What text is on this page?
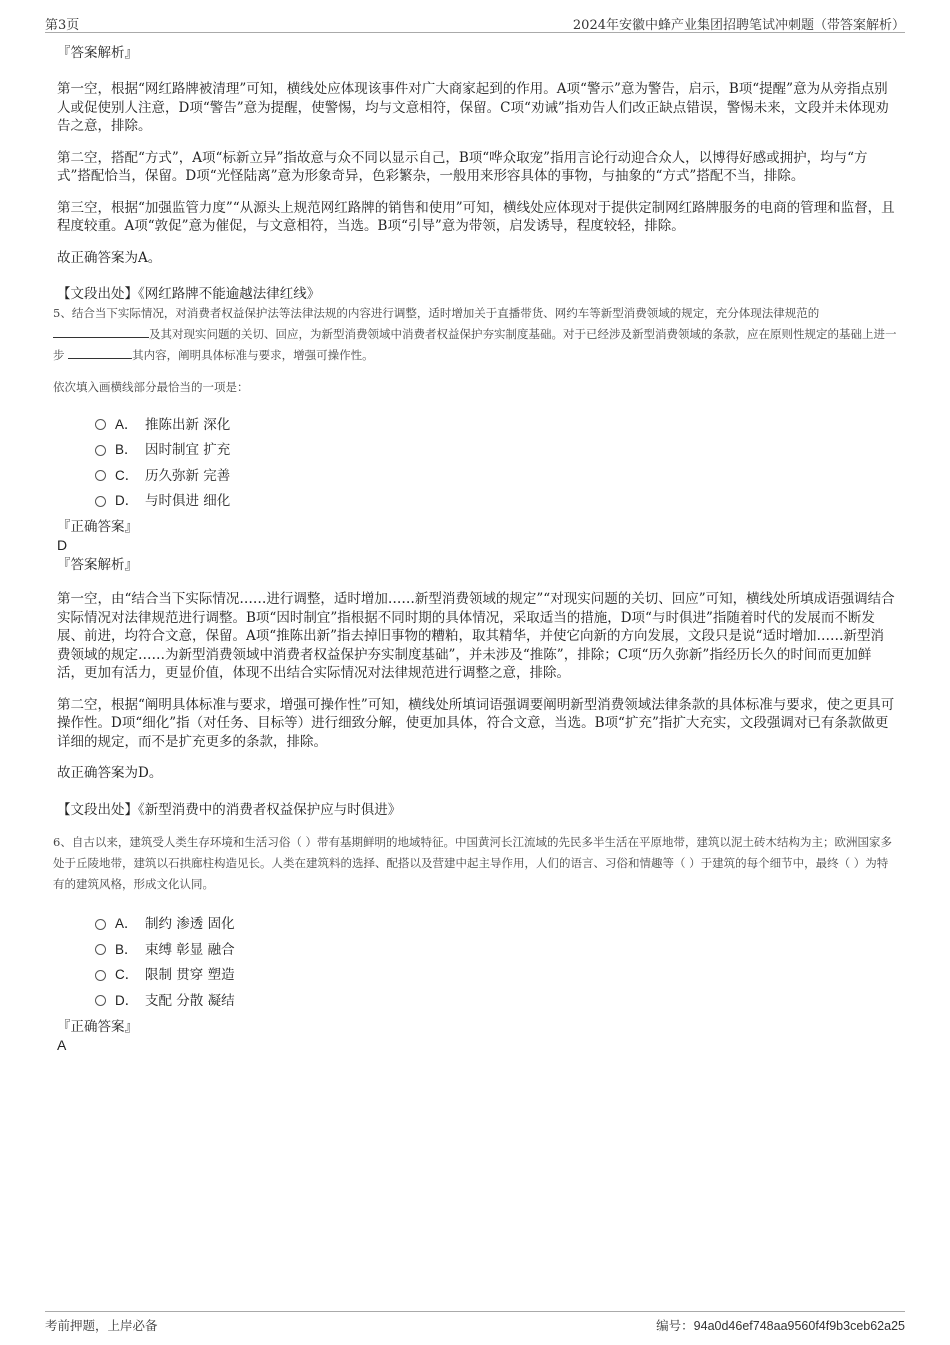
第3页	2024年安徽中蜂产业集团招聘笔试冲刺题（带答案解析）

『答案解析』

第一空，根据“网红路牌被清理”可知，横线处应体现该事件对广大商家起到的作用。A项“警示”意为警告，启示，B项“提醒”意为从旁指点别人或促使别人注意，D项“警告”意为提醒，使警惕，均与文意相符，保留。C项“劝诫”指劝告人们改正缺点错误，警惕未来，文段并未体现劝告之意，排除。

第二空，搭配“方式”，A项“标新立异”指故意与众不同以显示自己，B项“哗众取宠”指用言论行动迎合众人，以博得好感或拥护，均与“方式”搭配恰当，保留。D项“光怪陆离”意为形象奇异，色彩繁杂，一般用来形容具体的事物，与抽象的“方式”搭配不当，排除。

第三空，根据“加强监管力度”“从源头上规范网红路牌的销售和使用”可知，横线处应体现对于提供定制网红路牌服务的电商的管理和监督，且程度较重。A项“敦促”意为催促，与文意相符，当选。B项“引导”意为带领，启发诱导，程度较轻，排除。

故正确答案为A。

【文段出处】《网红路牌不能逾越法律红线》

5、结合当下实际情况，对消费者权益保护法等法律法规的内容进行调整，适时增加关于直播带货、网约车等新型消费领域的规定，充分体现法律规范的 及其对现实问题的关切、回应，为新型消费领域中消费者权益保护夯实制度基础。对于已经涉及新型消费领域的条款，应在原则性规定的基础上进一步	其内容，阐明具体标准与要求，增强可操作性。

依次填入画横线部分最恰当的一项是：

A． 推陈出新 深化
B． 因时制宜 扩充
C． 历久弥新 完善
D． 与时俱进 细化

『正确答案』

D

『答案解析』

第一空，由“结合当下实际情况……进行调整，适时增加……新型消费领域的规定”“对现实问题的关切、回应”可知，横线处所填成语强调结合实际情况对法律规范进行调整。B项“因时制宜”指根据不同时期的具体情况，采取适当的措施，D项“与时俱进”指随着时代的发展而不断发展、前进，均符合文意，保留。A项“推陈出新”指去掉旧事物的糟粕，取其精华，并使它向新的方向发展，文段只是说“适时增加……新型消费领域的规定……为新型消费领域中消费者权益保护夯实制度基础”，并未涉及“推陈”，排除；C项“历久弥新”指经历长久的时间而更加鲜活，更加有活力，更显价值，体现不出结合实际情况对法律规范进行调整之意，排除。

第二空，根据“阐明具体标准与要求，增强可操作性”可知，横线处所填词语强调要阐明新型消费领域法律条款的具体标准与要求，使之更具可操作性。D项“细化”指（对任务、目标等）进行细致分解，使更加具体，符合文意，当选。B项“扩充”指扩大充实，文段强调对已有条款做更详细的规定，而不是扩充更多的条款，排除。

故正确答案为D。

【文段出处】《新型消费中的消费者权益保护应与时俱进》

6、自古以来，建筑受人类生存环境和生活习俗（ ）带有基期鲜明的地域特征。中国黄河长江流域的先民多半生活在平原地带，建筑以泥土砖木结构为主；欧洲国家多处于丘陵地带，建筑以石拱廊柱构造见长。人类在建筑料的选择、配搭以及营建中起主导作用，人们的语言、习俗和情趣等（ ）于建筑的每个细节中，最终（ ）为特有的建筑风格，形成文化认同。

A． 制约 渗透 固化
B． 束缚 彰显 融合
C． 限制 贯穿 塑造
D． 支配 分散 凝结

『正确答案』

A

考前押题，上岸必备	编号：94a0d46ef748aa9560f4f9b3ceb62a25
